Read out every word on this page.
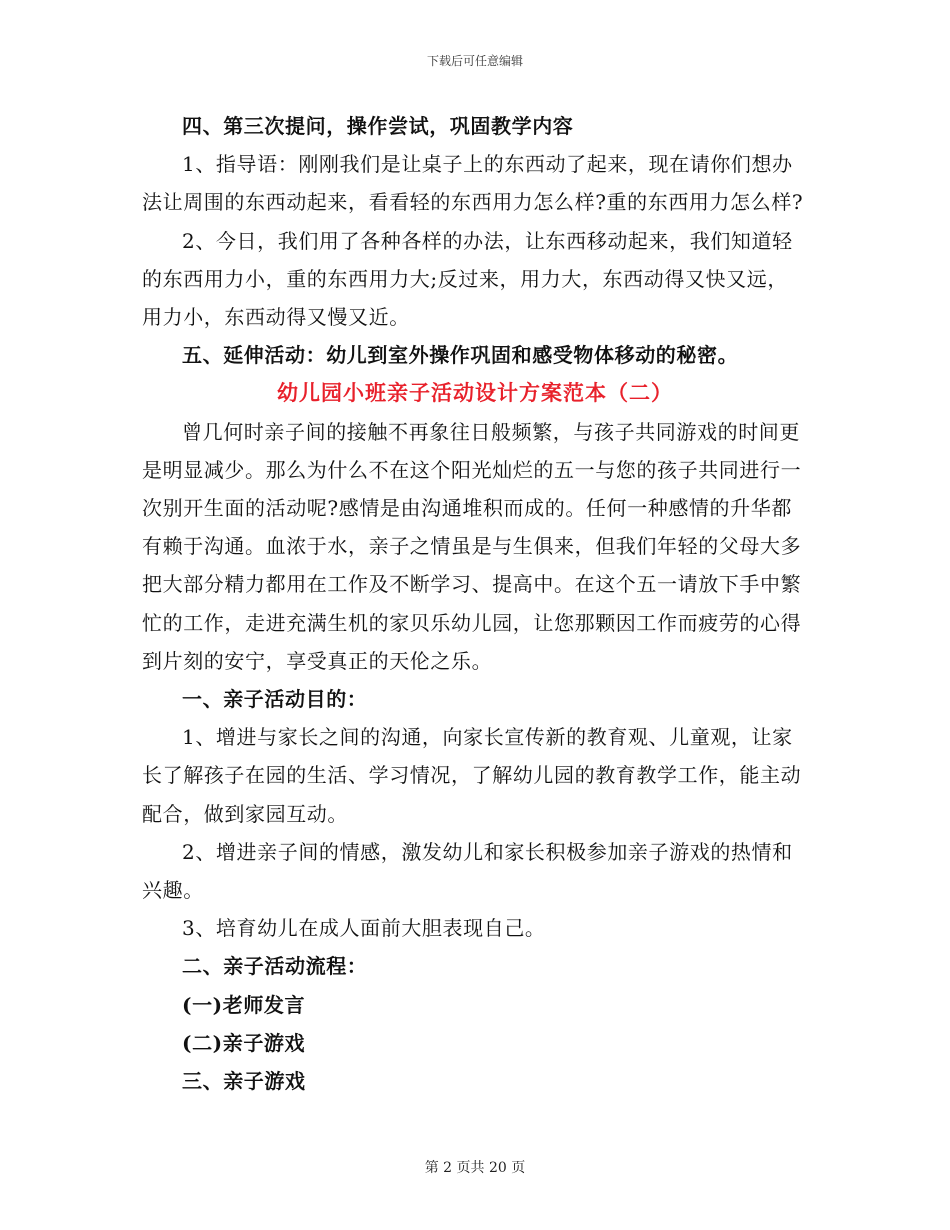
下载后可任意编辑

四、第三次提问，操作尝试，巩固教学内容

1、指导语：刚刚我们是让桌子上的东西动了起来，现在请你们想办法让周围的东西动起来，看看轻的东西用力怎么样?重的东西用力怎么样?

2、今日，我们用了各种各样的办法，让东西移动起来，我们知道轻的东西用力小，重的东西用力大;反过来，用力大，东西动得又快又远，用力小，东西动得又慢又近。

五、延伸活动：幼儿到室外操作巩固和感受物体移动的秘密。

幼儿园小班亲子活动设计方案范本（二）

曾几何时亲子间的接触不再象往日般频繁，与孩子共同游戏的时间更是明显减少。那么为什么不在这个阳光灿烂的五一与您的孩子共同进行一次别开生面的活动呢?感情是由沟通堆积而成的。任何一种感情的升华都有赖于沟通。血浓于水，亲子之情虽是与生俱来，但我们年轻的父母大多把大部分精力都用在工作及不断学习、提高中。在这个五一请放下手中繁忙的工作，走进充满生机的家贝乐幼儿园，让您那颗因工作而疲劳的心得到片刻的安宁，享受真正的天伦之乐。

一、亲子活动目的：

1、增进与家长之间的沟通，向家长宣传新的教育观、儿童观，让家长了解孩子在园的生活、学习情况，了解幼儿园的教育教学工作，能主动配合，做到家园互动。

2、增进亲子间的情感，激发幼儿和家长积极参加亲子游戏的热情和兴趣。

3、培育幼儿在成人面前大胆表现自己。

二、亲子活动流程：

(一)老师发言

(二)亲子游戏

三、亲子游戏

第 2 页共 20 页
